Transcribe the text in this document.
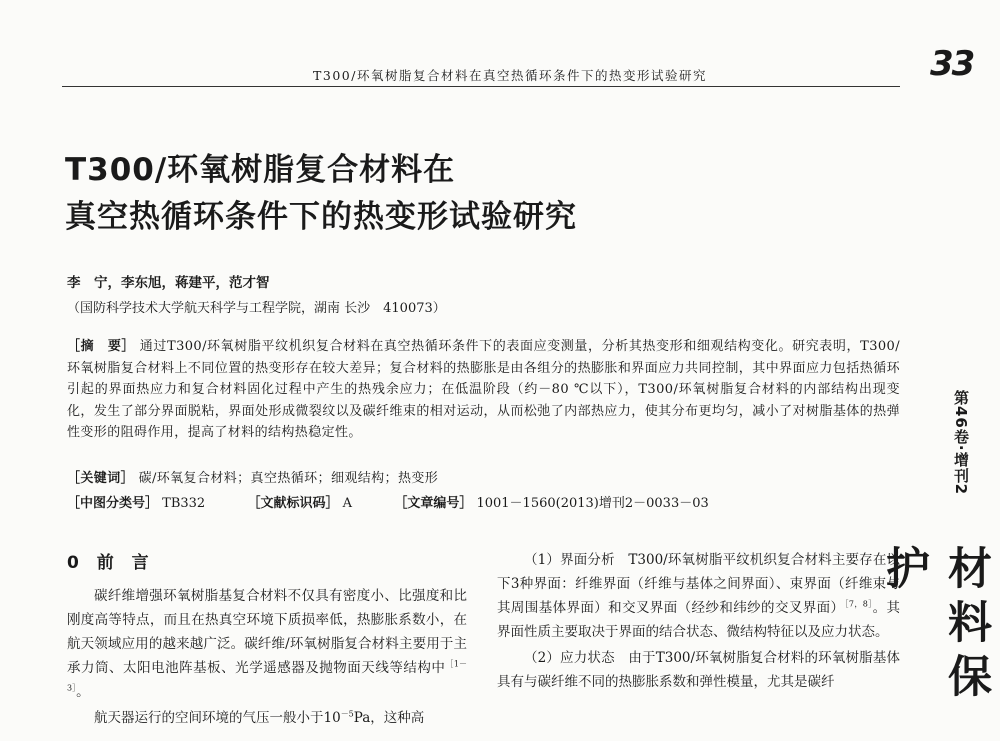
T300/环氧树脂复合材料在真空热循环条件下的热变形试验研究	33
T300/环氧树脂复合材料在
真空热循环条件下的热变形试验研究
李　宁，李东旭，蒋建平，范才智
（国防科学技术大学航天科学与工程学院，湖南 长沙　410073）
［摘　要］ 通过T300/环氧树脂平纹机织复合材料在真空热循环条件下的表面应变测量，分析其热变形和细观结构变化。研究表明，T300/环氧树脂复合材料上不同位置的热变形存在较大差异；复合材料的热膨胀是由各组分的热膨胀和界面应力共同控制，其中界面应力包括热循环引起的界面热应力和复合材料固化过程中产生的热残余应力；在低温阶段（约－80 ℃以下），T300/环氧树脂复合材料的内部结构出现变化，发生了部分界面脱粘，界面处形成微裂纹以及碳纤维束的相对运动，从而松弛了内部热应力，使其分布更均匀，减小了对树脂基体的热弹性变形的阻碍作用，提高了材料的结构热稳定性。
［关键词］ 碳/环氧复合材料；真空热循环；细观结构；热变形
［中图分类号］ TB332	［文献标识码］ A	［文章编号］ 1001－1560(2013)增刊2－0033－03
0 前 言

碳纤维增强环氧树脂基复合材料不仅具有密度小、比强度和比刚度高等特点，而且在热真空环境下质损率低，热膨胀系数小，在航天领域应用的越来越广泛。碳纤维/环氧树脂复合材料主要用于主承力筒、太阳电池阵基板、光学遥感器及抛物面天线等结构中$^{[1-3]}$。

航天器运行的空间环境的气压一般小于$10^{-5}Pa$，这种高

（1）界面分析　T300/环氧树脂平纹机织复合材料主要存在以下3种界面：纤维界面（纤维与基体之间界面）、束界面（纤维束与其周围基体界面）和交叉界面（经纱和纬纱的交叉界面）$^{[7,8]}$。其界面性质主要取决于界面的结合状态、微结构特征以及应力状态。

（2）应力状态　由于T300/环氧树脂复合材料的环氧树脂基体具有与碳纤维不同的热膨胀系数和弹性模量，尤其是碳纤

第46卷·增刊2
材料保护
